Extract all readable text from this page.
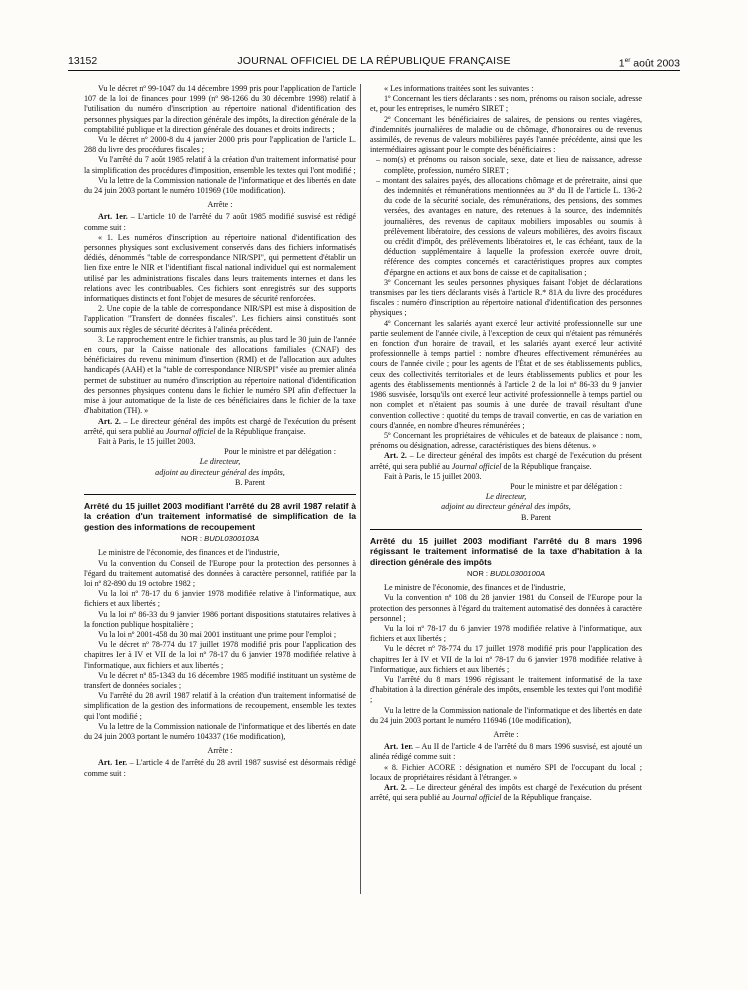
13152	JOURNAL OFFICIEL DE LA RÉPUBLIQUE FRANÇAISE	1er août 2003

Vu le décret nº 99-1047 du 14 décembre 1999 pris pour l'application de l'article 107 de la loi de finances pour 1999 (nº 98-1266 du 30 décembre 1998) relatif à l'utilisation du numéro d'inscription au répertoire national d'identification des personnes physiques par la direction générale des impôts, la direction générale de la comptabilité publique et la direction générale des douanes et droits indirects ;

Vu le décret nº 2000-8 du 4 janvier 2000 pris pour l'application de l'article L. 288 du livre des procédures fiscales ;

Vu l'arrêté du 7 août 1985 relatif à la création d'un traitement informatisé pour la simplification des procédures d'imposition, ensemble les textes qui l'ont modifié ;

Vu la lettre de la Commission nationale de l'informatique et des libertés en date du 24 juin 2003 portant le numéro 101969 (10e modification).

Arrête :

Art. 1er. – L'article 10 de l'arrêté du 7 août 1985 modifié susvisé est rédigé comme suit :

« 1. Les numéros d'inscription au répertoire national d'identification des personnes physiques sont exclusivement conservés dans des fichiers informatisés dédiés, dénommés "table de correspondance NIR/SPI", qui permettent d'établir un lien fixe entre le NIR et l'identifiant fiscal national individuel qui est normalement utilisé par les administrations fiscales dans leurs traitements internes et dans les relations avec les contribuables. Ces fichiers sont enregistrés sur des supports informatiques distincts et font l'objet de mesures de sécurité renforcées.

2. Une copie de la table de correspondance NIR/SPI est mise à disposition de l'application "Transfert de données fiscales". Les fichiers ainsi constitués sont soumis aux règles de sécurité décrites à l'alinéa précédent.

3. Le rapprochement entre le fichier transmis, au plus tard le 30 juin de l'année en cours, par la Caisse nationale des allocations familiales (CNAF) des bénéficiaires du revenu minimum d'insertion (RMI) et de l'allocation aux adultes handicapés (AAH) et la "table de correspondance NIR/SPI" visée au premier alinéa permet de substituer au numéro d'inscription au répertoire national d'identification des personnes physiques contenu dans le fichier le numéro SPI afin d'effectuer la mise à jour automatique de la liste de ces bénéficiaires dans le fichier de la taxe d'habitation (TH). »

Art. 2. – Le directeur général des impôts est chargé de l'exécution du présent arrêté, qui sera publié au Journal officiel de la République française.

Fait à Paris, le 15 juillet 2003.

Pour le ministre et par délégation :

Le directeur,

adjoint au directeur général des impôts,

B. Parent

Arrêté du 15 juillet 2003 modifiant l'arrêté du 28 avril 1987 relatif à la création d'un traitement informatisé de simplification de la gestion des informations de recoupement

NOR : BUDL0300103A

Le ministre de l'économie, des finances et de l'industrie,

Vu la convention du Conseil de l'Europe pour la protection des personnes à l'égard du traitement automatisé des données à caractère personnel, ratifiée par la loi nº 82-890 du 19 octobre 1982 ;

Vu la loi nº 78-17 du 6 janvier 1978 modifiée relative à l'informatique, aux fichiers et aux libertés ;

Vu la loi nº 86-33 du 9 janvier 1986 portant dispositions statutaires relatives à la fonction publique hospitalière ;

Vu la loi nº 2001-458 du 30 mai 2001 instituant une prime pour l'emploi ;

Vu le décret nº 78-774 du 17 juillet 1978 modifié pris pour l'application des chapitres Ier à IV et VII de la loi nº 78-17 du 6 janvier 1978 modifiée relative à l'informatique, aux fichiers et aux libertés ;

Vu le décret nº 85-1343 du 16 décembre 1985 modifié instituant un système de transfert de données sociales ;

Vu l'arrêté du 28 avril 1987 relatif à la création d'un traitement informatisé de simplification de la gestion des informations de recoupement, ensemble les textes qui l'ont modifié ;

Vu la lettre de la Commission nationale de l'informatique et des libertés en date du 24 juin 2003 portant le numéro 104337 (16e modification),

Arrête :

Art. 1er. – L'article 4 de l'arrêté du 28 avril 1987 susvisé est désormais rédigé comme suit :

« Les informations traitées sont les suivantes :

1º Concernant les tiers déclarants : ses nom, prénoms ou raison sociale, adresse et, pour les entreprises, le numéro SIRET ;

2º Concernant les bénéficiaires de salaires, de pensions ou rentes viagères, d'indemnités journalières de maladie ou de chômage, d'honoraires ou de revenus assimilés, de revenus de valeurs mobilières payés l'année précédente, ainsi que les intermédiaires agissant pour le compte des bénéficiaires :

– nom(s) et prénoms ou raison sociale, sexe, date et lieu de naissance, adresse complète, profession, numéro SIRET ;

– montant des salaires payés, des allocations chômage et de préretraite, ainsi que des indemnités et rémunérations mentionnées au 3º du II de l'article L. 136-2 du code de la sécurité sociale, des rémunérations, des pensions, des sommes versées, des avantages en nature, des retenues à la source, des indemnités journalières, des revenus de capitaux mobiliers imposables ou soumis à prélèvement libératoire, des cessions de valeurs mobilières, des avoirs fiscaux ou crédit d'impôt, des prélèvements libératoires et, le cas échéant, taux de la déduction supplémentaire à laquelle la profession exercée ouvre droit, référence des comptes concernés et caractéristiques propres aux comptes d'épargne en actions et aux bons de caisse et de capitalisation ;

3º Concernant les seules personnes physiques faisant l'objet de déclarations transmises par les tiers déclarants visés à l'article R.* 81A du livre des procédures fiscales : numéro d'inscription au répertoire national d'identification des personnes physiques ;

4º Concernant les salariés ayant exercé leur activité professionnelle sur une partie seulement de l'année civile, à l'exception de ceux qui n'étaient pas rémunérés en fonction d'un horaire de travail, et les salariés ayant exercé leur activité professionnelle à temps partiel : nombre d'heures effectivement rémunérées au cours de l'année civile ; pour les agents de l'État et de ses établissements publics, ceux des collectivités territoriales et de leurs établissements publics et pour les agents des établissements mentionnés à l'article 2 de la loi nº 86-33 du 9 janvier 1986 susvisée, lorsqu'ils ont exercé leur activité professionnelle à temps partiel ou non complet et n'étaient pas soumis à une durée de travail résultant d'une convention collective : quotité du temps de travail convertie, en cas de variation en cours d'année, en nombre d'heures rémunérées ;

5º Concernant les propriétaires de véhicules et de bateaux de plaisance : nom, prénoms ou désignation, adresse, caractéristiques des biens détenus. »

Art. 2. – Le directeur général des impôts est chargé de l'exécution du présent arrêté, qui sera publié au Journal officiel de la République française.

Fait à Paris, le 15 juillet 2003.

Pour le ministre et par délégation :

Le directeur,

adjoint au directeur général des impôts,

B. Parent

Arrêté du 15 juillet 2003 modifiant l'arrêté du 8 mars 1996 régissant le traitement informatisé de la taxe d'habitation à la direction générale des impôts

NOR : BUDL0300100A

Le ministre de l'économie, des finances et de l'industrie,

Vu la convention nº 108 du 28 janvier 1981 du Conseil de l'Europe pour la protection des personnes à l'égard du traitement automatisé des données à caractère personnel ;

Vu la loi nº 78-17 du 6 janvier 1978 modifiée relative à l'informatique, aux fichiers et aux libertés ;

Vu le décret nº 78-774 du 17 juillet 1978 modifié pris pour l'application des chapitres Ier à IV et VII de la loi nº 78-17 du 6 janvier 1978 modifiée relative à l'informatique, aux fichiers et aux libertés ;

Vu l'arrêté du 8 mars 1996 régissant le traitement informatisé de la taxe d'habitation à la direction générale des impôts, ensemble les textes qui l'ont modifié ;

Vu la lettre de la Commission nationale de l'informatique et des libertés en date du 24 juin 2003 portant le numéro 116946 (10e modification),

Arrête :

Art. 1er. – Au II de l'article 4 de l'arrêté du 8 mars 1996 susvisé, est ajouté un alinéa rédigé comme suit :

« 8. Fichier ACORE : désignation et numéro SPI de l'occupant du local ; locaux de propriétaires résidant à l'étranger. »

Art. 2. – Le directeur général des impôts est chargé de l'exécution du présent arrêté, qui sera publié au Journal officiel de la République française.
